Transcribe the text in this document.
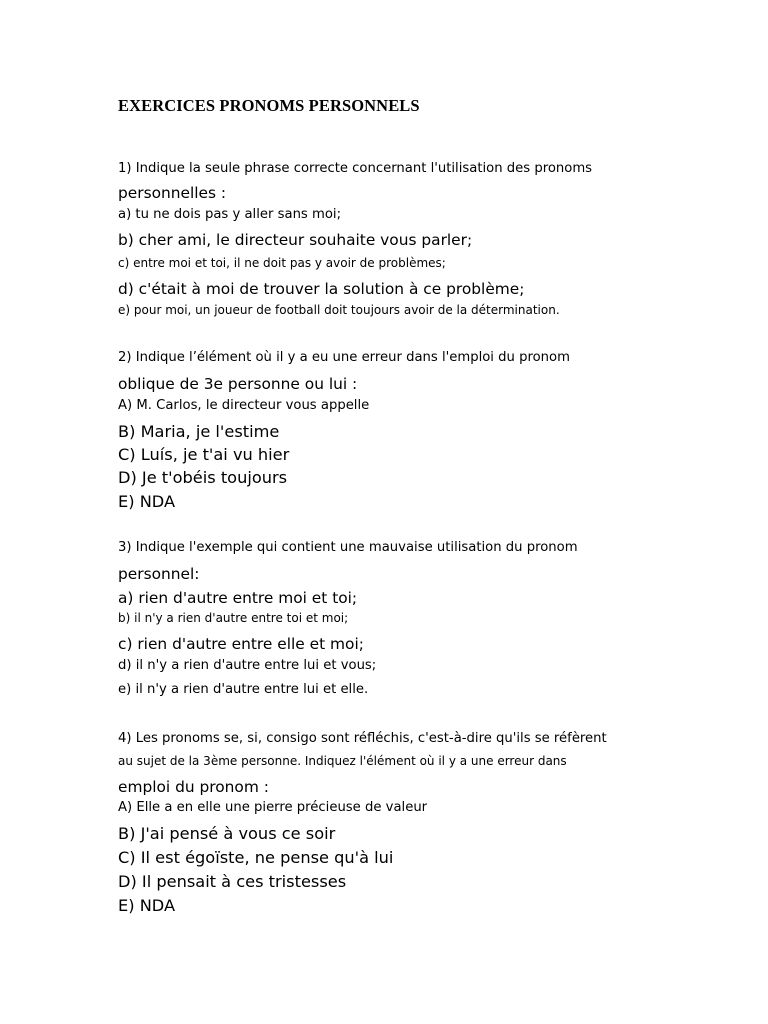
EXERCICES PRONOMS PERSONNELS
1) Indique la seule phrase correcte concernant l'utilisation des pronoms
personnelles :
a) tu ne dois pas y aller sans moi;
b) cher ami, le directeur souhaite vous parler;
c) entre moi et toi, il ne doit pas y avoir de problèmes;
d) c'était à moi de trouver la solution à ce problème;
e) pour moi, un joueur de football doit toujours avoir de la détermination.
2) Indique l’élément où il y a eu une erreur dans l'emploi du pronom
oblique de 3e personne ou lui :
A) M. Carlos, le directeur vous appelle
B) Maria, je l'estime
C) Luís, je t'ai vu hier
D) Je t'obéis toujours
E) NDA
3) Indique l'exemple qui contient une mauvaise utilisation du pronom
personnel:
a) rien d'autre entre moi et toi;
b) il n'y a rien d'autre entre toi et moi;
c) rien d'autre entre elle et moi;
d) il n'y a rien d'autre entre lui et vous;
e) il n'y a rien d'autre entre lui et elle.
4) Les pronoms se, si, consigo sont réfléchis, c'est-à-dire qu'ils se réfèrent
au sujet de la 3ème personne. Indiquez l'élément où il y a une erreur dans
emploi du pronom :
A) Elle a en elle une pierre précieuse de valeur
B) J'ai pensé à vous ce soir
C) Il est égoïste, ne pense qu'à lui
D) Il pensait à ces tristesses
E) NDA
